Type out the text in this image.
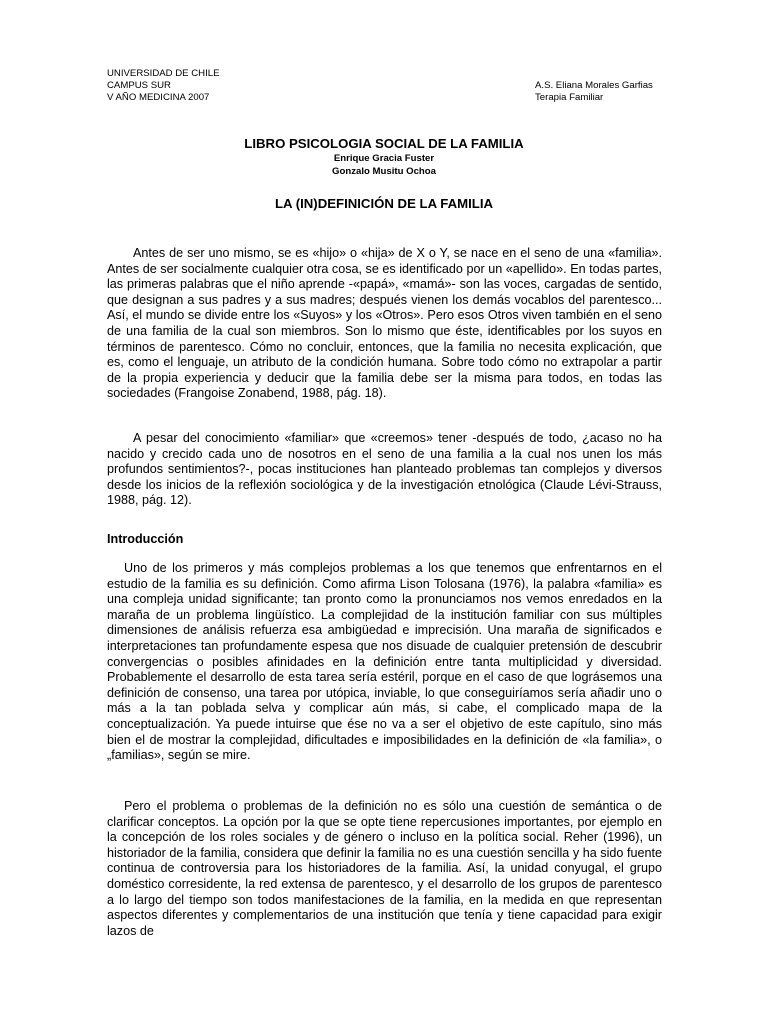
UNIVERSIDAD DE CHILE
CAMPUS SUR
V AÑO MEDICINA 2007
A.S. Eliana Morales Garfias
Terapia Familiar
LIBRO PSICOLOGIA SOCIAL DE LA FAMILIA
Enrique Gracia Fuster
Gonzalo Musitu Ochoa
LA (IN)DEFINICIÓN DE LA FAMILIA

Antes de ser uno mismo, se es «hijo» o «hija» de X o Y, se nace en el seno de una «familia». Antes de ser socialmente cualquier otra cosa, se es identificado por un «apellido». En todas partes, las primeras palabras que el niño aprende -«papá», «mamá»- son las voces, cargadas de sentido, que designan a sus padres y a sus madres; después vienen los demás vocablos del parentesco... Así, el mundo se divide entre los «Suyos» y los «Otros». Pero esos Otros viven también en el seno de una familia de la cual son miembros. Son lo mismo que éste, identificables por los suyos en términos de parentesco. Cómo no concluir, entonces, que la familia no necesita explicación, que es, como el lenguaje, un atributo de la condición humana. Sobre todo cómo no extrapolar a partir de la propia experiencia y deducir que la familia debe ser la misma para todos, en todas las sociedades (Frangoise Zonabend, 1988, pág. 18).

A pesar del conocimiento «familiar» que «creemos» tener -después de todo, ¿acaso no ha nacido y crecido cada uno de nosotros en el seno de una familia a la cual nos unen los más profundos sentimientos?-, pocas instituciones han planteado problemas tan complejos y diversos desde los inicios de la reflexión sociológica y de la investigación etnológica (Claude Lévi-Strauss, 1988, pág. 12).

Introducción

Uno de los primeros y más complejos problemas a los que tenemos que enfrentarnos en el estudio de la familia es su definición. Como afirma Lison Tolosana (1976), la palabra «familia» es una compleja unidad significante; tan pronto como la pronunciamos nos vemos enredados en la maraña de un problema lingüístico. La complejidad de la institución familiar con sus múltiples dimensiones de análisis refuerza esa ambigüedad e imprecisión. Una maraña de significados e interpretaciones tan profundamente espesa que nos disuade de cualquier pretensión de descubrir convergencias o posibles afinidades en la definición entre tanta multiplicidad y diversidad. Probablemente el desarrollo de esta tarea sería estéril, porque en el caso de que lográsemos una definición de consenso, una tarea por utópica, inviable, lo que conseguiríamos sería añadir uno o más a la tan poblada selva y complicar aún más, si cabe, el complicado mapa de la conceptualización. Ya puede intuirse que ése no va a ser el objetivo de este capítulo, sino más bien el de mostrar la complejidad, dificultades e imposibilidades en la definición de «la familia», o „familias», según se mire.

Pero el problema o problemas de la definición no es sólo una cuestión de semántica o de clarificar conceptos. La opción por la que se opte tiene repercusiones importantes, por ejemplo en la concepción de los roles sociales y de género o incluso en la política social. Reher (1996), un historiador de la familia, considera que definir la familia no es una cuestión sencilla y ha sido fuente continua de controversia para los historiadores de la familia. Así, la unidad conyugal, el grupo doméstico corresidente, la red extensa de parentesco, y el desarrollo de los grupos de parentesco a lo largo del tiempo son todos manifestaciones de la familia, en la medida en que representan aspectos diferentes y complementarios de una institución que tenía y tiene capacidad para exigir lazos de
